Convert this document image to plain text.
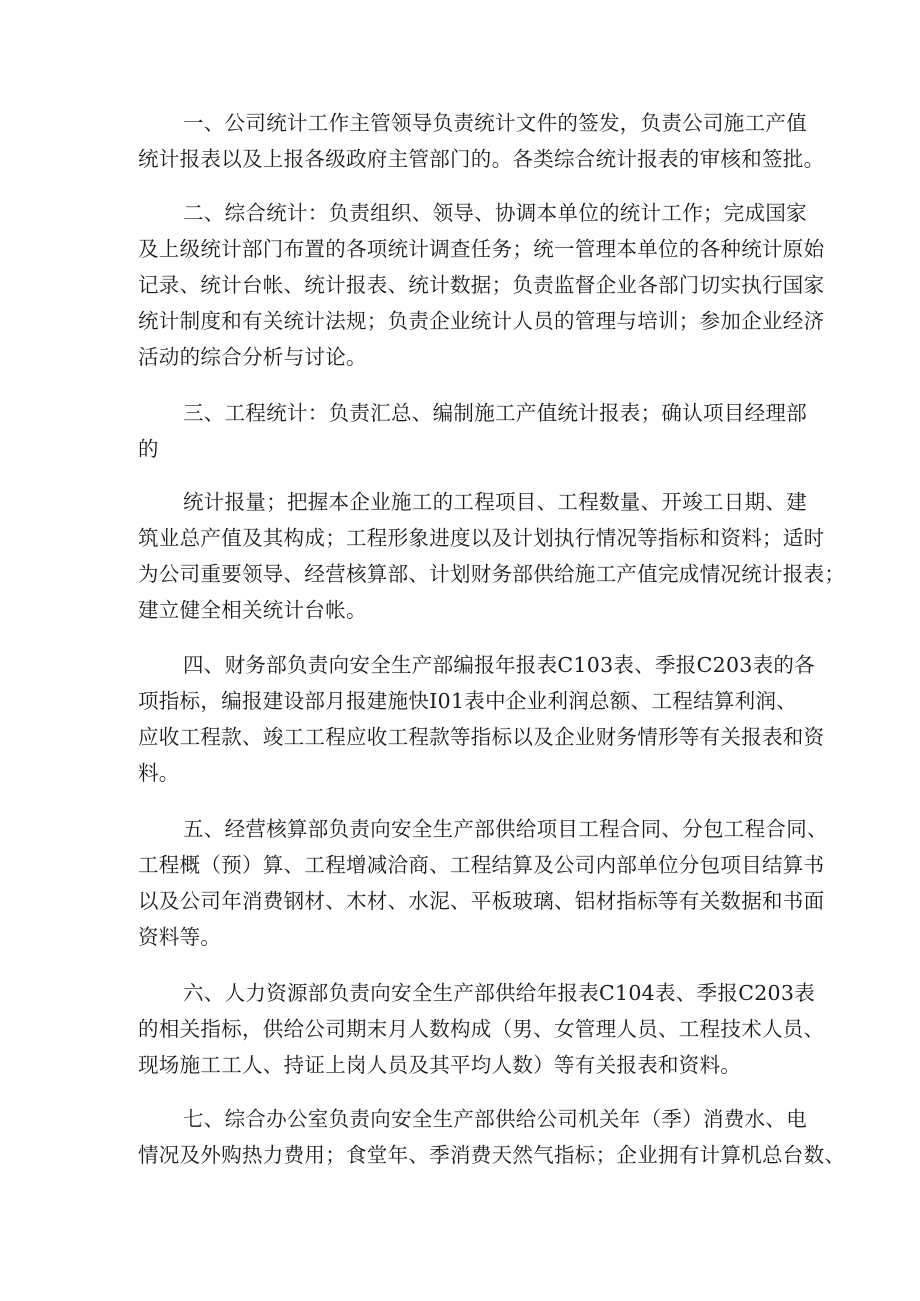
一、公司统计工作主管领导负责统计文件的签发，负责公司施工产值
统计报表以及上报各级政府主管部门的。各类综合统计报表的审核和签批。
二、综合统计：负责组织、领导、协调本单位的统计工作；完成国家
及上级统计部门布置的各项统计调查任务；统一管理本单位的各种统计原始
记录、统计台帐、统计报表、统计数据；负责监督企业各部门切实执行国家
统计制度和有关统计法规；负责企业统计人员的管理与培训；参加企业经济
活动的综合分析与讨论。
三、工程统计：负责汇总、编制施工产值统计报表；确认项目经理部
的
统计报量；把握本企业施工的工程项目、工程数量、开竣工日期、建
筑业总产值及其构成；工程形象进度以及计划执行情况等指标和资料；适时
为公司重要领导、经营核算部、计划财务部供给施工产值完成情况统计报表；
建立健全相关统计台帐。
四、财务部负责向安全生产部编报年报表C103表、季报C203表的各
项指标，编报建设部月报建施快I01表中企业利润总额、工程结算利润、
应收工程款、竣工工程应收工程款等指标以及企业财务情形等有关报表和资
料。
五、经营核算部负责向安全生产部供给项目工程合同、分包工程合同、
工程概（预）算、工程增减洽商、工程结算及公司内部单位分包项目结算书
以及公司年消费钢材、木材、水泥、平板玻璃、铝材指标等有关数据和书面
资料等。
六、人力资源部负责向安全生产部供给年报表C104表、季报C203表
的相关指标，供给公司期末月人数构成（男、女管理人员、工程技术人员、
现场施工工人、持证上岗人员及其平均人数）等有关报表和资料。
七、综合办公室负责向安全生产部供给公司机关年（季）消费水、电
情况及外购热力费用；食堂年、季消费天然气指标；企业拥有计算机总台数、
